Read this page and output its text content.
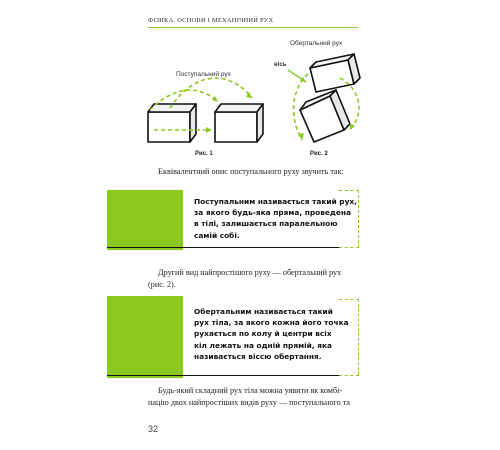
ФІЗИКА. ОСНОВИ І МЕХАНІЧНИЙ РУХ
Поступальний рух
Рис. 1
Обертальний рух
вісь
Рис. 2
Еквівалентний опис поступального руху звучить так:
Поступальним називається такий рух,
за якого будь-яка пряма, проведена
в тілі, залишається паралельною
самій собі.
Другий вид найпростішого руху — обертальний рух
(рис. 2).
Обертальним називається такий
рух тіла, за якого кожна його точка
рухається по колу й центри всіх
кіл лежать на одній прямій, яка
називається віссю обертання.
Будь-який складний рух тіла можна уявити як комбі-
націю двох найпростіших видів руху — поступального та
32
